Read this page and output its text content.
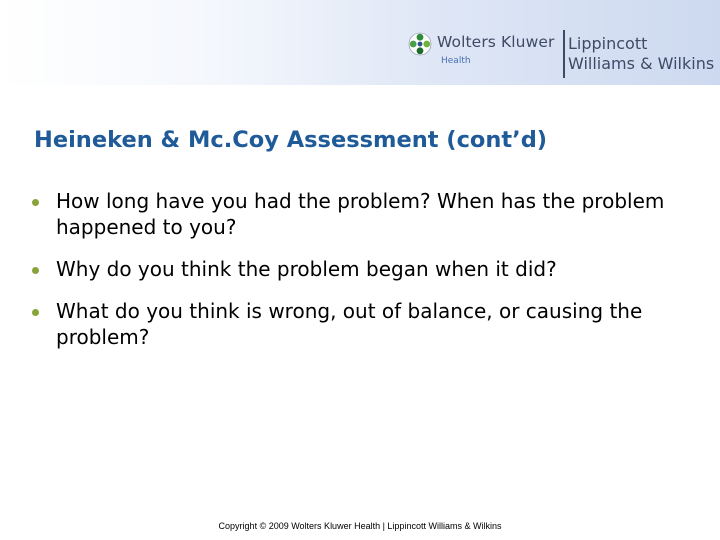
Wolters Kluwer
Health
Lippincott
Williams & Wilkins
Heineken & Mc.Coy Assessment (cont’d)
How long have you had the problem? When has the problem happened to you?
Why do you think the problem began when it did?
What do you think is wrong, out of balance, or causing the problem?
Copyright © 2009 Wolters Kluwer Health | Lippincott Williams & Wilkins
